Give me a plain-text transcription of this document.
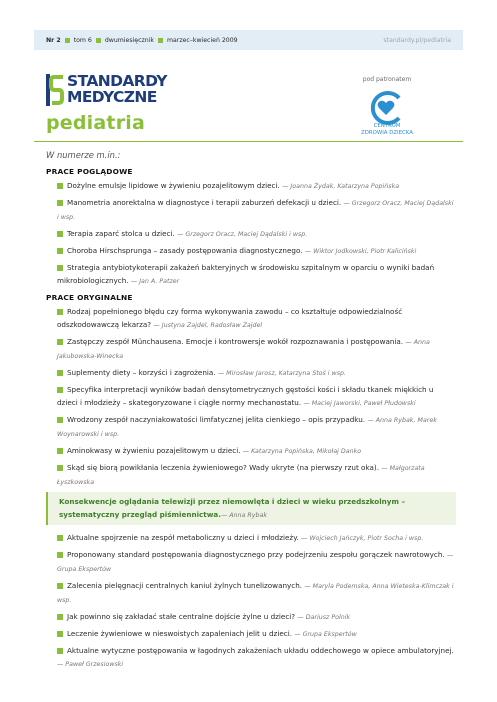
Nr 2 tom 6 dwumiesięcznik marzec–kwiecień 2009	standardy.pl/pediatria
STANDARDY
MEDYCZNE
pediatria
pod patronatem
CENTRUM
ZDROWIA DZIECKA
W numerze m.in.:
PRACE POGLĄDOWE
Dożylne emulsje lipidowe w żywieniu pozajelitowym dzieci. — Joanna Żydak, Katarzyna Popińska
Manometria anorektalna w diagnostyce i terapii zaburzeń defekacji u dzieci. — Grzegorz Oracz, Maciej Dądalski i wsp.
Terapia zaparć stolca u dzieci. — Grzegorz Oracz, Maciej Dądalski i wsp.
Choroba Hirschsprunga – zasady postępowania diagnostycznego. — Wiktor Jodkowski, Piotr Kaliciński
Strategia antybiotykoterapii zakażeń bakteryjnych w środowisku szpitalnym w oparciu o wyniki badań mikrobiologicznych. — Jan A. Patzer
PRACE ORYGINALNE
Rodzaj popełnionego błędu czy forma wykonywania zawodu – co kształtuje odpowiedzialność odszkodowawczą lekarza? — Justyna Zajdel, Radosław Zajdel
Zastępczy zespół Münchausena. Emocje i kontrowersje wokół rozpoznawania i postępowania. — Anna Jakubowska-Winecka
Suplementy diety – korzyści i zagrożenia. — Mirosław Jarosz, Katarzyna Stoś i wsp.
Specyfika interpretacji wyników badań densytometrycznych gęstości kości i składu tkanek miękkich u dzieci i młodzieży – skategoryzowane i ciągłe normy mechanostatu. — Maciej Jaworski, Paweł Płudowski
Wrodzony zespół naczyniakowatości limfatycznej jelita cienkiego – opis przypadku. — Anna Rybak, Marek Woynarowski i wsp.
Aminokwasy w żywieniu pozajelitowym u dzieci. — Katarzyna Popińska, Mikołaj Danko
Skąd się biorą powikłania leczenia żywieniowego? Wady ukryte (na pierwszy rzut oka). — Małgorzata Łyszkowska
Konsekwencje oglądania telewizji przez niemowlęta i dzieci w wieku przedszkolnym – systematyczny przegląd piśmiennictwa.— Anna Rybak
Aktualne spojrzenie na zespół metaboliczny u dzieci i młodzieży. — Wojciech Jańczyk, Piotr Socha i wsp.
Proponowany standard postępowania diagnostycznego przy podejrzeniu zespołu gorączek nawrotowych. — Grupa Ekspertów
Zalecenia pielęgnacji centralnych kaniul żylnych tunelizowanych. — Maryla Podemska, Anna Wieteska-Klimczak i wsp.
Jak powinno się zakładać stałe centralne dojście żylne u dzieci? — Dariusz Polnik
Leczenie żywieniowe w nieswoistych zapaleniach jelit u dzieci. — Grupa Ekspertów
Aktualne wytyczne postępowania w łagodnych zakażeniach układu oddechowego w opiece ambulatoryjnej. — Paweł Grzesiowski
